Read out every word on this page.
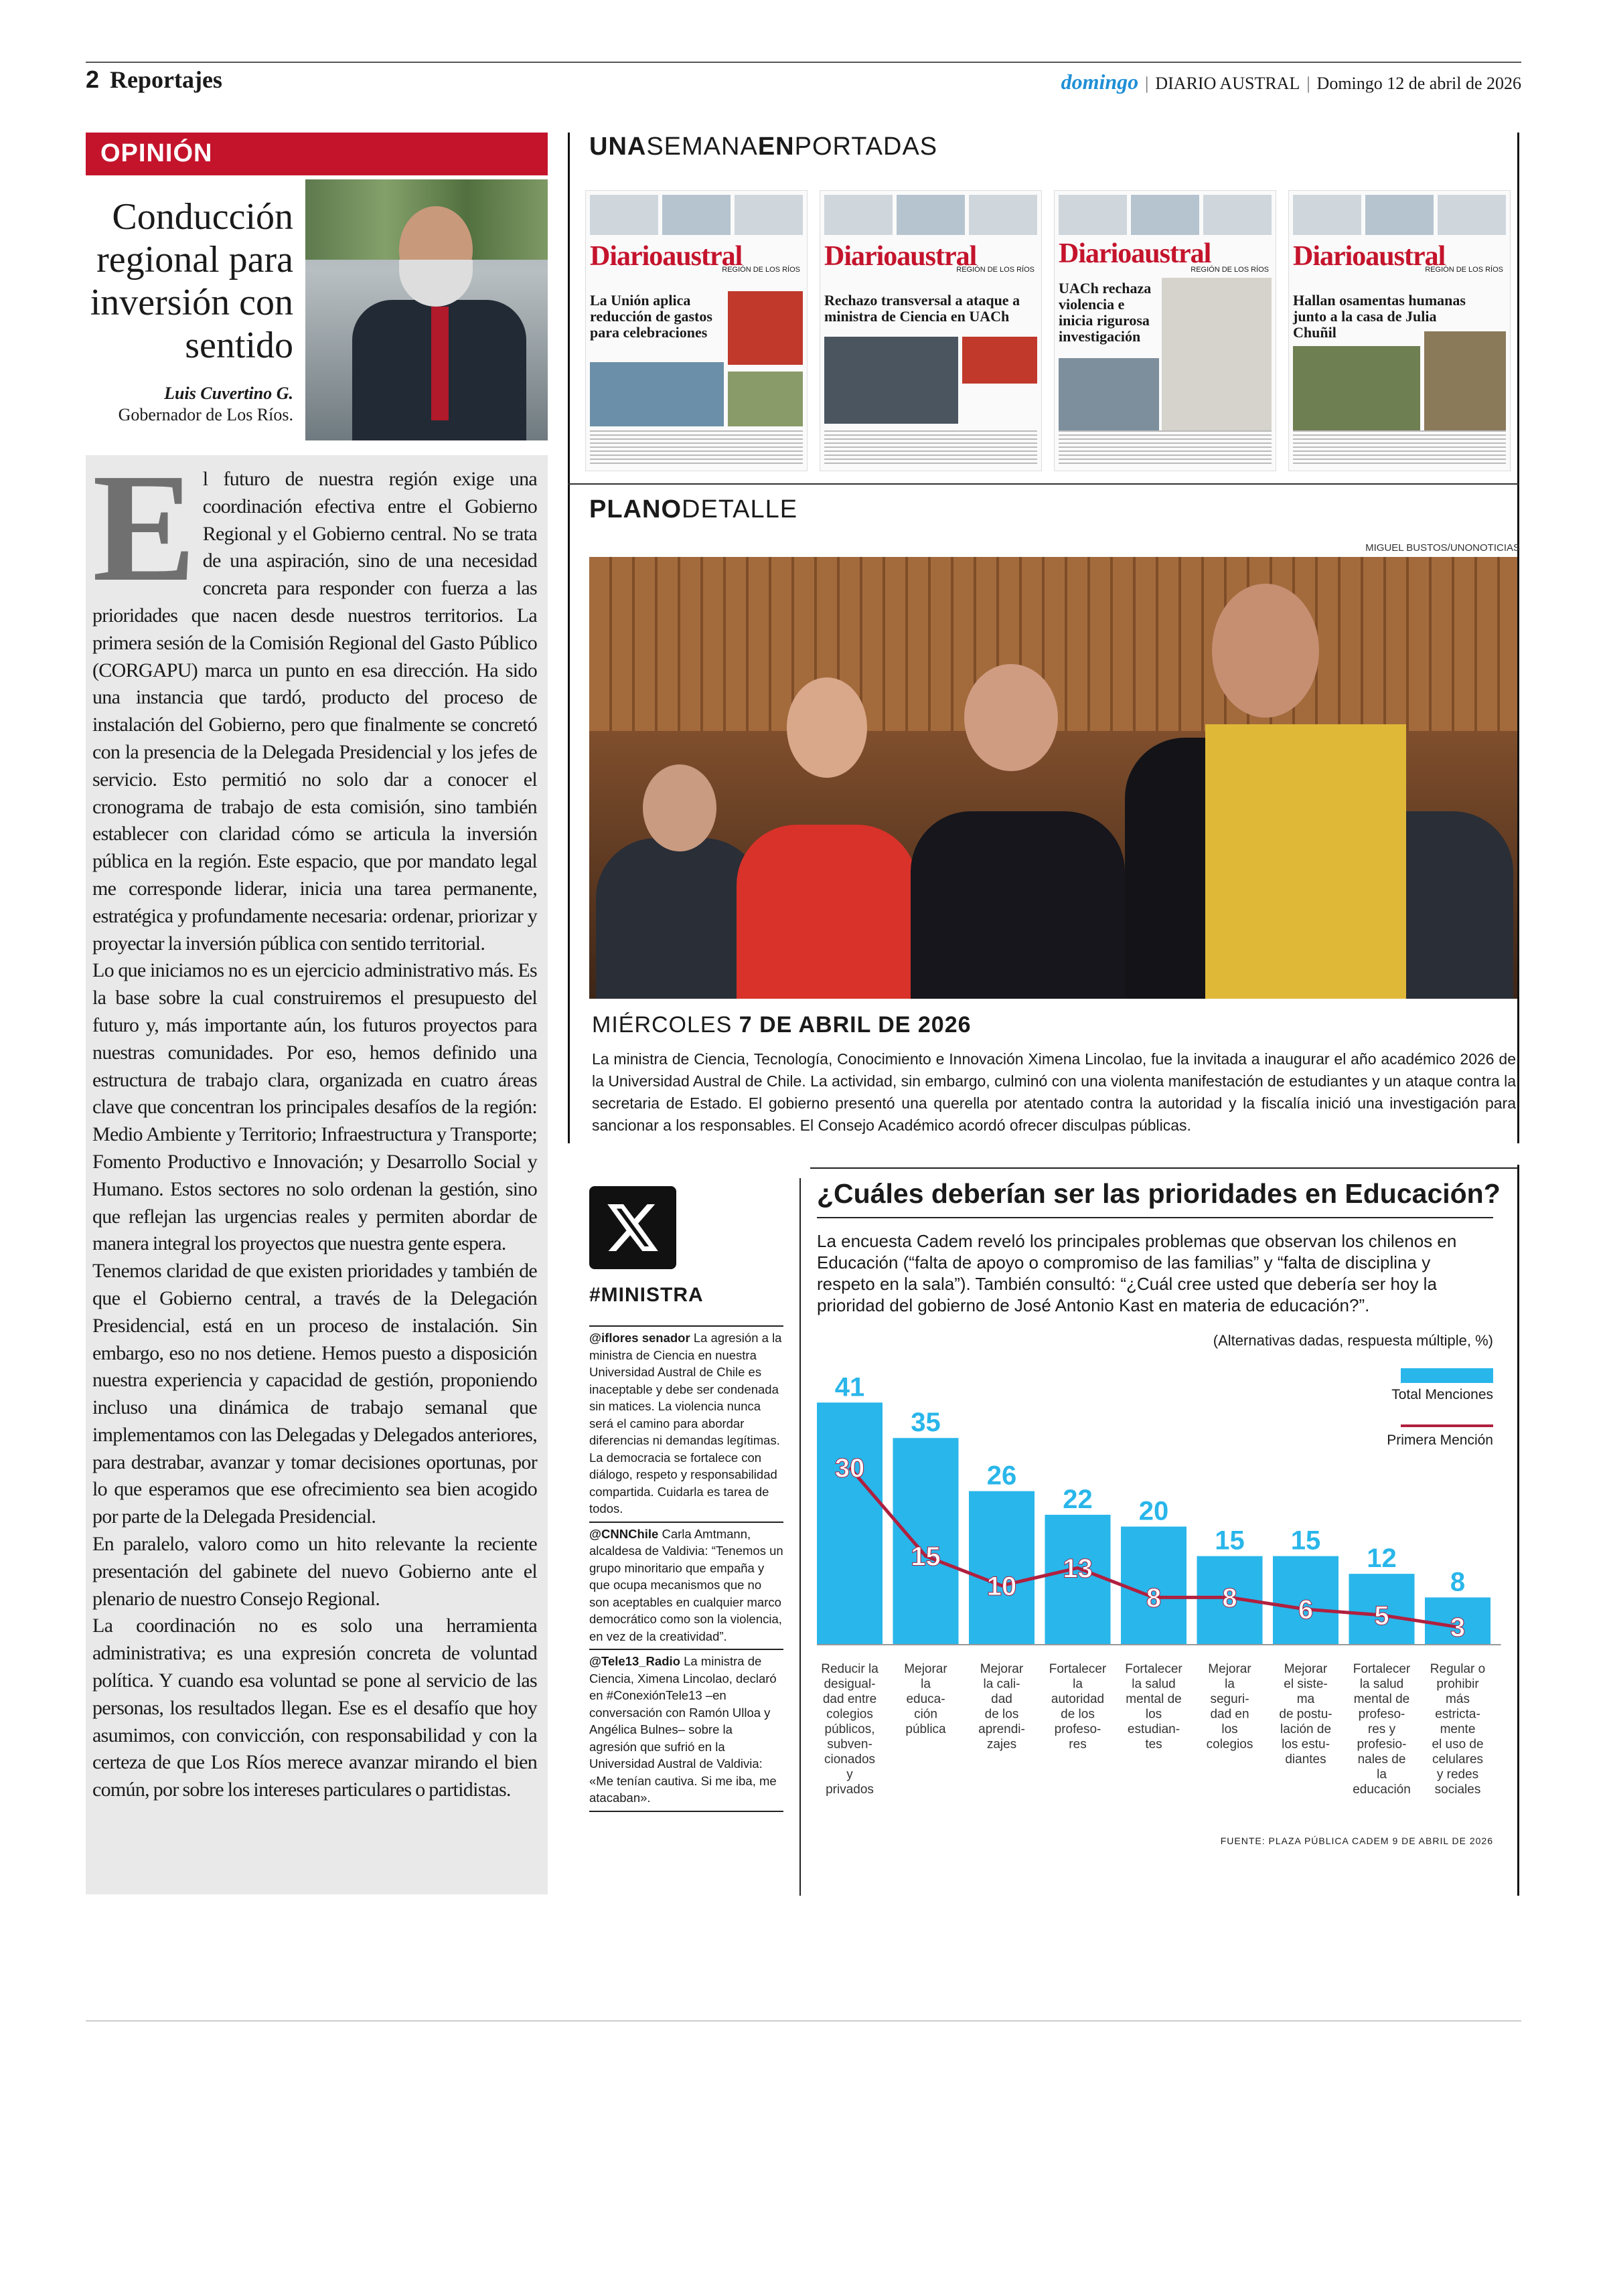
2 Reportajes	domingo | DIARIO AUSTRAL | Domingo 12 de abril de 2026
OPINIÓN
Conducción regional para inversión con sentido
Luis Cuvertino G.
Gobernador de Los Ríos.
E l futuro de nuestra región exige una coordinación efectiva entre el Gobierno Regional y el Gobierno central. No se trata de una aspiración, sino de una necesidad concreta para responder con fuerza a las prioridades que nacen desde nuestros territorios. La primera sesión de la Comisión Regional del Gasto Público (CORGAPU) marca un punto en esa dirección. Ha sido una instancia que tardó, producto del proceso de instalación del Gobierno, pero que finalmente se concretó con la presencia de la Delegada Presidencial y los jefes de servicio. Esto permitió no solo dar a conocer el cronograma de trabajo de esta comisión, sino también establecer con claridad cómo se articula la inversión pública en la región. Este espacio, que por mandato legal me corresponde liderar, inicia una tarea permanente, estratégica y profundamente necesaria: ordenar, priorizar y proyectar la inversión pública con sentido territorial.

Lo que iniciamos no es un ejercicio administrativo más. Es la base sobre la cual construiremos el presupuesto del futuro y, más importante aún, los futuros proyectos para nuestras comunidades. Por eso, hemos definido una estructura de trabajo clara, organizada en cuatro áreas clave que concentran los principales desafíos de la región: Medio Ambiente y Territorio; Infraestructura y Transporte; Fomento Productivo e Innovación; y Desarrollo Social y Humano. Estos sectores no solo ordenan la gestión, sino que reflejan las urgencias reales y permiten abordar de manera integral los proyectos que nuestra gente espera.

Tenemos claridad de que existen prioridades y también de que el Gobierno central, a través de la Delegación Presidencial, está en un proceso de instalación. Sin embargo, eso no nos detiene. Hemos puesto a disposición nuestra experiencia y capacidad de gestión, proponiendo incluso una dinámica de trabajo semanal que implementamos con las Delegadas y Delegados anteriores, para destrabar, avanzar y tomar decisiones oportunas, por lo que esperamos que ese ofrecimiento sea bien acogido por parte de la Delegada Presidencial.

En paralelo, valoro como un hito relevante la reciente presentación del gabinete del nuevo Gobierno ante el plenario de nuestro Consejo Regional.

La coordinación no es solo una herramienta administrativa; es una expresión concreta de voluntad política. Y cuando esa voluntad se pone al servicio de las personas, los resultados llegan. Ese es el desafío que hoy asumimos, con convicción, con responsabilidad y con la certeza de que Los Ríos merece avanzar mirando el bien común, por sobre los intereses particulares o partidistas.

UNASEMANAENPORTADAS
Diarioaustral
REGIÓN DE LOS RÍOS
La Unión aplica reducción de gastos para celebraciones
Diarioaustral
REGIÓN DE LOS RÍOS
Rechazo transversal a ataque a ministra de Ciencia en UACh
Diarioaustral
REGIÓN DE LOS RÍOS
UACh rechaza violencia e inicia rigurosa investigación
Diarioaustral
REGIÓN DE LOS RÍOS
Hallan osamentas humanas junto a la casa de Julia Chuñil
PLANODETALLE
MIGUEL BUSTOS/UNONOTICIAS
MIÉRCOLES 7 DE ABRIL DE 2026
La ministra de Ciencia, Tecnología, Conocimiento e Innovación Ximena Lincolao, fue la invitada a inaugurar el año académico 2026 de la Universidad Austral de Chile. La actividad, sin embargo, culminó con una violenta manifestación de estudiantes y un ataque contra la secretaria de Estado. El gobierno presentó una querella por atentado contra la autoridad y la fiscalía inició una investigación para sancionar a los responsables. El Consejo Académico acordó ofrecer disculpas públicas.
#MINISTRA
@iflores senador La agresión a la ministra de Ciencia en nuestra Universidad Austral de Chile es inaceptable y debe ser condenada sin matices. La violencia nunca será el camino para abordar diferencias ni demandas legítimas. La democracia se fortalece con diálogo, respeto y responsabilidad compartida. Cuidarla es tarea de todos.
@CNNChile Carla Amtmann, alcaldesa de Valdivia: “Tenemos un grupo minoritario que empaña y que ocupa mecanismos que no son aceptables en cualquier marco democrático como son la violencia, en vez de la creatividad”.
@Tele13_Radio La ministra de Ciencia, Ximena Lincolao, declaró en #ConexiónTele13 –en conversación con Ramón Ulloa y Angélica Bulnes– sobre la agresión que sufrió en la Universidad Austral de Valdivia: «Me tenían cautiva. Si me iba, me atacaban».
¿Cuáles deberían ser las prioridades en Educación?
La encuesta Cadem reveló los principales problemas que observan los chilenos en Educación (“falta de apoyo o compromiso de las familias” y “falta de disciplina y respeto en la sala”). También consultó: “¿Cuál cree usted que debería ser hoy la prioridad del gobierno de José Antonio Kast en materia de educación?”.
(Alternativas dadas, respuesta múltiple, %)
Total Menciones
Primera Mención
41
35
26
22 20
15 15
12
8
30
15
10
13
8 8 6 5 3
Reducir la desigual-dad entre colegios públicos, subven-cionados y privados
Mejorar la educa-ción pública
Mejorar la cali-dad de los aprendi-zajes
Fortalecer la autoridad de los profeso-res
Fortalecer la salud mental de los estudian-tes
Mejorar la seguri-dad en los colegios
Mejorar el siste-ma de postu-lación de los estu-diantes
Fortalecer la salud mental de profeso-res y profesio-nales de la educación
Regular o prohibir más estricta-mente el uso de celulares y redes sociales
FUENTE: PLAZA PÚBLICA CADEM 9 DE ABRIL DE 2026
